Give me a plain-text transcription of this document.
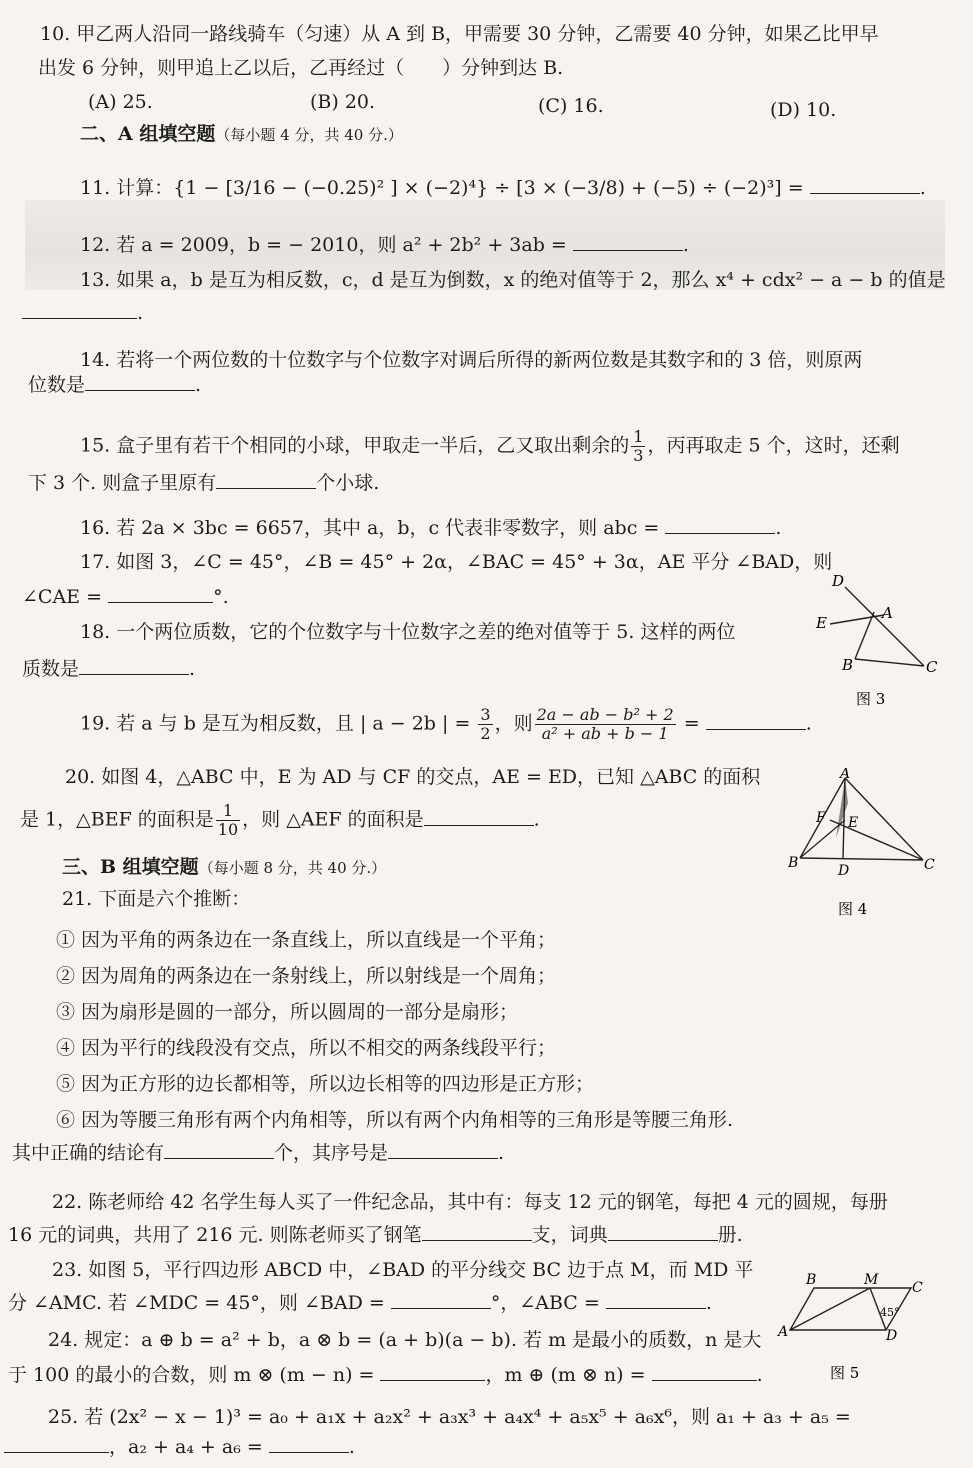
10. 甲乙两人沿同一路线骑车（匀速）从 A 到 B，甲需要 30 分钟，乙需要 40 分钟，如果乙比甲早
出发 6 分钟，则甲追上乙以后，乙再经过（　　）分钟到达 B.
(A) 25.	(B) 20.	(C) 16.	(D) 10.
二、A 组填空题（每小题 4 分，共 40 分.）
11. 计算：{1 − [3/16 − (−0.25)² ] × (−2)⁴} ÷ [3 × (−3/8) + (−5) ÷ (−2)³] =	.
12. 若 a = 2009，b = − 2010，则 a² + 2b² + 3ab =	.
13. 如果 a，b 是互为相反数，c，d 是互为倒数，x 的绝对值等于 2，那么 x⁴ + cdx² − a − b 的值是
.
14. 若将一个两位数的十位数字与个位数字对调后所得的新两位数是其数字和的 3 倍，则原两
位数是	.
15. 盒子里有若干个相同的小球，甲取走一半后，乙又取出剩余的 $\frac{1}{3}$ ，丙再取走 5 个，这时，还剩
下 3 个. 则盒子里原有	个小球.
16. 若 2a × 3bc = 6657，其中 a，b，c 代表非零数字，则 abc =	.
17. 如图 3，∠C = 45°，∠B = 45° + 2α，∠BAC = 45° + 3α，AE 平分 ∠BAD，则
∠CAE =	°.
D
A
E
B	C
图 3
18. 一个两位质数，它的个位数字与十位数字之差的绝对值等于 5. 这样的两位
质数是	.
19. 若 a 与 b 是互为相反数，且 | a − 2b | = $\frac{3}{2}$ ，则 $\frac{\text{2a − ab − b² + 2}}{\text{a² + ab + b − 1}}$ =	.
20. 如图 4，△ABC 中，E 为 AD 与 CF 的交点，AE = ED，已知 △ABC 的面积
是 1，△BEF 的面积是 $\frac{1}{10}$ ，则 △AEF 的面积是	.
A
F E
B	D	C
图 4
三、B 组填空题（每小题 8 分，共 40 分.）
21. 下面是六个推断：
① 因为平角的两条边在一条直线上，所以直线是一个平角；
② 因为周角的两条边在一条射线上，所以射线是一个周角；
③ 因为扇形是圆的一部分，所以圆周的一部分是扇形；
④ 因为平行的线段没有交点，所以不相交的两条线段平行；
⑤ 因为正方形的边长都相等，所以边长相等的四边形是正方形；
⑥ 因为等腰三角形有两个内角相等，所以有两个内角相等的三角形是等腰三角形.
其中正确的结论有	个，其序号是	.
22. 陈老师给 42 名学生每人买了一件纪念品，其中有：每支 12 元的钢笔，每把 4 元的圆规，每册
16 元的词典，共用了 216 元. 则陈老师买了钢笔	支，词典	册.
23. 如图 5，平行四边形 ABCD 中，∠BAD 的平分线交 BC 边于点 M，而 MD 平
分 ∠AMC. 若 ∠MDC = 45°，则 ∠BAD =	°，∠ABC =	.
B	M C
A	D
45°
图 5
24. 规定：a ⊕ b = a² + b，a ⊗ b = (a + b)(a − b). 若 m 是最小的质数，n 是大
于 100 的最小的合数，则 m ⊗ (m − n) =	，m ⊕ (m ⊗ n) =	.
25. 若 (2x² − x − 1)³ = a₀ + a₁x + a₂x² + a₃x³ + a₄x⁴ + a₅x⁵ + a₆x⁶，则 a₁ + a₃ + a₅ =
，a₂ + a₄ + a₆ =	.
